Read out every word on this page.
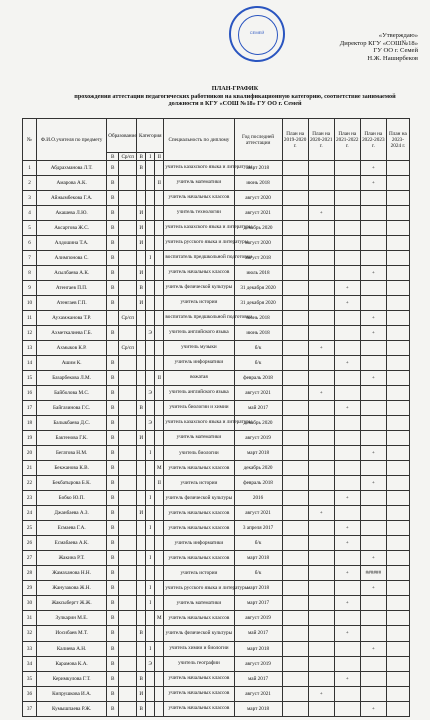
СЕМЕЙ	«Утверждаю»
Директор КГУ «СОШ№18»
ГУ ОО г. Семей
Н.Ж. Наширбеков
ПЛАН-ГРАФИК
прохождения аттестации педагогических работников на квалификационную категорию, соответствие занимаемой
должности в КГУ «СОШ №18» ГУ ОО г. Семей
№	Ф.И.О.учителя по предмету	Образование		Категория			Специальность по диплому	Год последней аттестации	План на 2019-2020 г.	План на 2020-2021 г.	План на 2021-2022 г.	План на 2022-2023 г.	План на 2023-2024 г.
		В	Ср/сп	В	I	II							
1	Абдрахманова Л.Т.	В		В			учитель казахского языка и литературы	март 2018				+	
2	Амарова А.К.	В				II	учитель математики	июнь 2018				+	
3	Айжымбекова Г.А.	В					учитель начальных классов	август 2020					
4	Акашева Л.Ю.	В		И			учитель технологии	август 2021		+			
5	Аксартова Ж.С.	В		И			учитель казахского языка и литературы	декабрь 2020					
6	Алдошина Т.А.	В		И			учитель русского языка и литературы	август 2020					
7	Алимпонова С.	В			I		воспитатель предшкольной подготовки	август 2018					
8	Асылбаева А.К.	В		И			учитель начальных классов	июль 2018				+	
9	Атенгаев П.П.	В		В			учитель физической культуры	31 декабря 2020			+		
10	Атенгаев Г.П.	В		И			учитель истории	31 декабря 2020			+		
11	Аухамжанова Т.Р.		Ср/сп				воспитатель предшкольной подготовки	июнь 2018				+	
12	Ахметкалиева Г.Б.	В			Э		учитель английского языка	июнь 2018				+	
13	Ахмыков К.Р.		Ср/сп				учитель музыки	б/к		+			
14	Ашим К.	В					учитель информатики	б/к			+		
15	Базарбекова Л.М.	В				II	вожатая	февраль 2018				+	
16	Байболова М.С.	В			Э		учитель английского языка	август 2021		+			
17	Байгазинова Г.С.	В		В			учитель биологии и химии	май 2017			+		
18	Балыкбаева Д.С.	В			Э		учитель казахского языка и литературы	декабрь 2020					
19	Бактенова Г.К.	В		И			учитель математики	август 2019					
20	Бегатова Н.М.	В			I		учитель биологии	март 2018				+	
21	Бекжанова К.В.	В				М	учитель начальных классов	декабрь 2020					
22	Бекбатырова Б.К.	В				II	учитель истории	февраль 2018				+	
23	Бобко Ю.П.	В			I		учитель физической культуры	2016			+		
24	Джанбаева А.З.	В		И			учитель начальных классов	август 2021		+			
25	Есмаева Г.А.	В			I		учитель начальных классов	3 апреля 2017			+		
26	Есмабаева А.К.	В					учитель информатики	б/к			+		
27	Жакина Р.Т.	В			I		учитель начальных классов	март 2018				+	
28	Жамаханова Н.Н.	В					учитель истории	б/к			+	######	
29	Жанузакова Ж.Н.	В			I		учитель русского языка и литературы	март 2018				+	
30	Жаксыбергт Ж.Ж.	В			I		учитель математики	март 2017			+		
31	Зулкарин М.Е.	В				М	учитель начальных классов	август 2019					
32	Иосибаев М.Т.	В		В			учитель физической культуры	май 2017			+		
33	Калиева А.Н.	В			I		учитель химии и биологии	март 2018				+	
34	Карамова К.А.	В			Э		учитель географии	август 2019					
35	Керимкулова Г.Т.	В		В			учитель начальных классов	май 2017			+		
36	Кипрушкова И.А.	В		И			учитель начальных классов	август 2021		+			
37	Кумышпаева Р.Ж.	В		В			учитель начальных классов	март 2018				+	
